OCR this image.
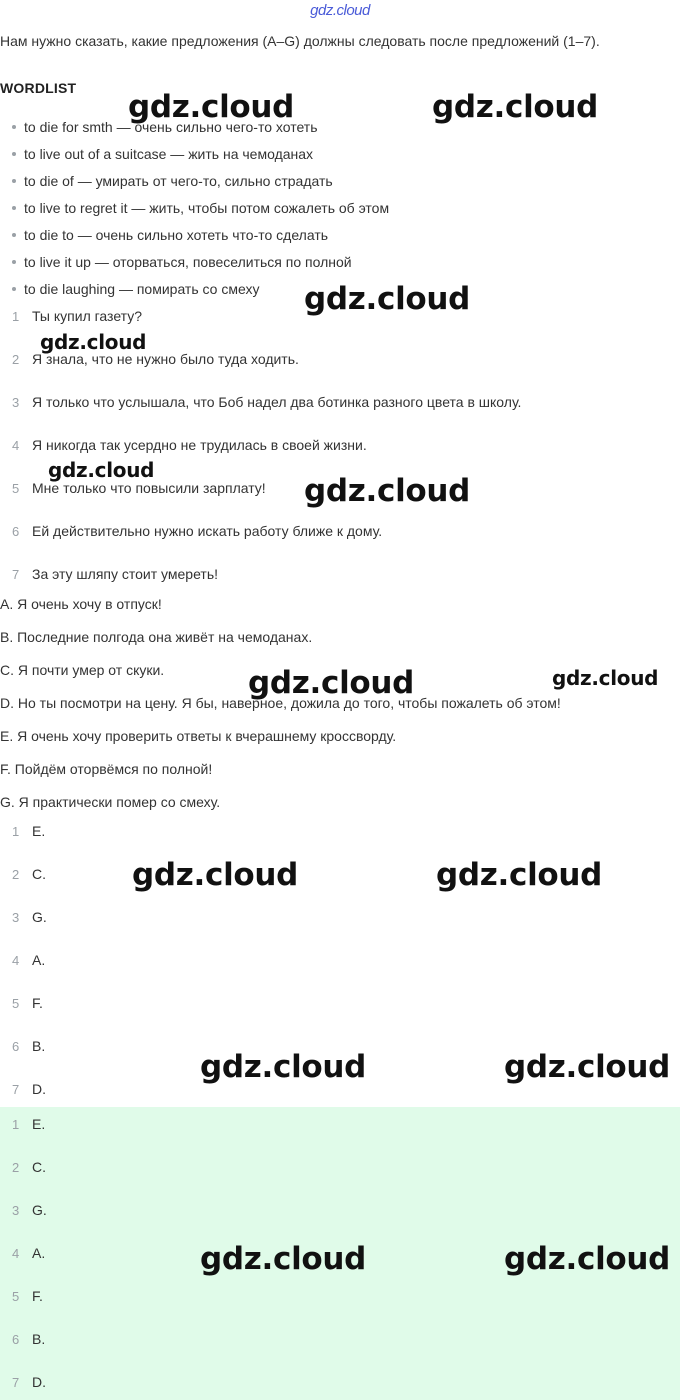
gdz.cloud
Нам нужно сказать, какие предложения (A–G) должны следовать после предложений (1–7).
WORDLIST
to die for smth — очень сильно чего-то хотеть
to live out of a suitcase — жить на чемоданах
to die of — умирать от чего-то, сильно страдать
to live to regret it — жить, чтобы потом сожалеть об этом
to die to — очень сильно хотеть что-то сделать
to live it up — оторваться, повеселиться по полной
to die laughing — помирать со смеху
1 Ты купил газету?
2 Я знала, что не нужно было туда ходить.
3 Я только что услышала, что Боб надел два ботинка разного цвета в школу.
4 Я никогда так усердно не трудилась в своей жизни.
5 Мне только что повысили зарплату!
6 Ей действительно нужно искать работу ближе к дому.
7 За эту шляпу стоит умереть!
A. Я очень хочу в отпуск!
B. Последние полгода она живёт на чемоданах.
C. Я почти умер от скуки.
D. Но ты посмотри на цену. Я бы, наверное, дожила до того, чтобы пожалеть об этом!
E. Я очень хочу проверить ответы к вчерашнему кроссворду.
F. Пойдём оторвёмся по полной!
G. Я практически помер со смеху.
1 E.
2 C.
3 G.
4 A.
5 F.
6 B.
7 D.
1 E.
2 C.
3 G.
4 A.
5 F.
6 B.
7 D.
gdz.cloud	gdz.cloud
gdz.cloud
gdz.cloud
gdz.cloud
gdz.cloud
gdz.cloud	gdz.cloud
gdz.cloud	gdz.cloud
gdz.cloud	gdz.cloud
gdz.cloud	gdz.cloud
